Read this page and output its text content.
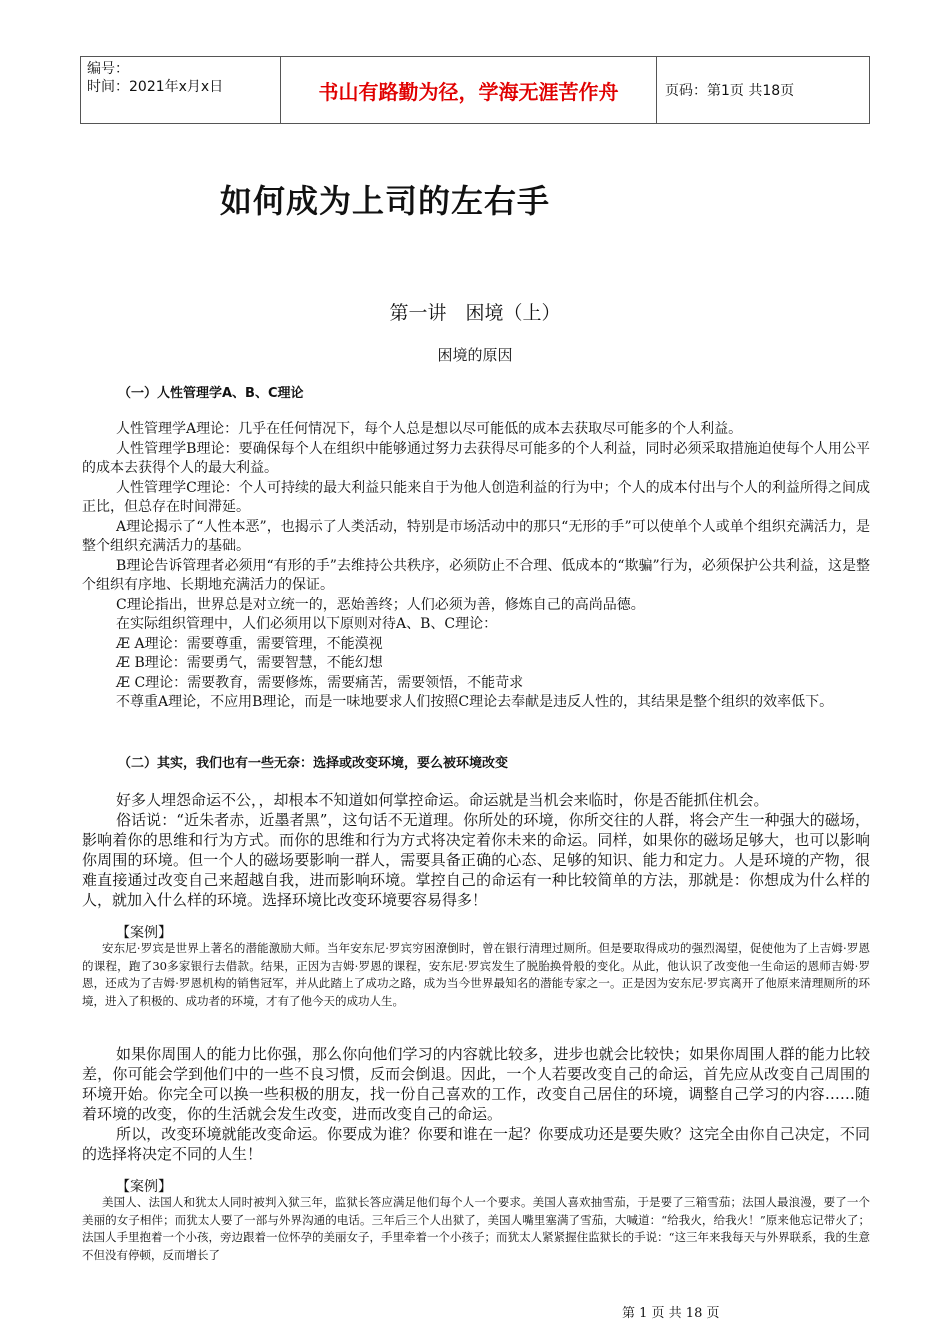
编号：
时间：2021年x月x日	书山有路勤为径，学海无涯苦作舟	页码：第1页 共18页
如何成为上司的左右手
第一讲　困境（上）
困境的原因
（一）人性管理学A、B、C理论

人性管理学A理论：几乎在任何情况下，每个人总是想以尽可能低的成本去获取尽可能多的个人利益。

人性管理学B理论：要确保每个人在组织中能够通过努力去获得尽可能多的个人利益，同时必须采取措施迫使每个人用公平的成本去获得个人的最大利益。

人性管理学C理论：个人可持续的最大利益只能来自于为他人创造利益的行为中；个人的成本付出与个人的利益所得之间成正比，但总存在时间滞延。

A理论揭示了“人性本恶”，也揭示了人类活动，特别是市场活动中的那只“无形的手”可以使单个人或单个组织充满活力，是整个组织充满活力的基础。

B理论告诉管理者必须用“有形的手”去维持公共秩序，必须防止不合理、低成本的“欺骗”行为，必须保护公共利益，这是整个组织有序地、长期地充满活力的保证。

C理论指出，世界总是对立统一的，恶始善终；人们必须为善，修炼自己的高尚品德。

在实际组织管理中，人们必须用以下原则对待A、B、C理论：

Æ A理论：需要尊重，需要管理，不能漠视

Æ B理论：需要勇气，需要智慧，不能幻想

Æ C理论：需要教育，需要修炼，需要痛苦，需要领悟，不能苛求

不尊重A理论，不应用B理论，而是一味地要求人们按照C理论去奉献是违反人性的，其结果是整个组织的效率低下。

（二）其实，我们也有一些无奈：选择或改变环境，要么被环境改变

好多人埋怨命运不公，，却根本不知道如何掌控命运。命运就是当机会来临时，你是否能抓住机会。

俗话说：“近朱者赤，近墨者黑”，这句话不无道理。你所处的环境，你所交往的人群，将会产生一种强大的磁场，影响着你的思维和行为方式。而你的思维和行为方式将决定着你未来的命运。同样，如果你的磁场足够大，也可以影响你周围的环境。但一个人的磁场要影响一群人，需要具备正确的心态、足够的知识、能力和定力。人是环境的产物，很难直接通过改变自己来超越自我，进而影响环境。掌控自己的命运有一种比较简单的方法，那就是：你想成为什么样的人，就加入什么样的环境。选择环境比改变环境要容易得多！

【案例】

安东尼·罗宾是世界上著名的潜能激励大师。当年安东尼·罗宾穷困潦倒时，曾在银行清理过厕所。但是要取得成功的强烈渴望，促使他为了上吉姆·罗恩的课程，跑了30多家银行去借款。结果，正因为吉姆·罗恩的课程，安东尼·罗宾发生了脱胎换骨般的变化。从此，他认识了改变他一生命运的恩师吉姆·罗恩，还成为了吉姆·罗恩机构的销售冠军，并从此踏上了成功之路，成为当今世界最知名的潜能专家之一。正是因为安东尼·罗宾离开了他原来清理厕所的环境，进入了积极的、成功者的环境，才有了他今天的成功人生。

如果你周围人的能力比你强，那么你向他们学习的内容就比较多，进步也就会比较快；如果你周围人群的能力比较差，你可能会学到他们中的一些不良习惯，反而会倒退。因此，一个人若要改变自己的命运，首先应从改变自己周围的环境开始。你完全可以换一些积极的朋友，找一份自己喜欢的工作，改变自己居住的环境，调整自己学习的内容……随着环境的改变，你的生活就会发生改变，进而改变自己的命运。

所以，改变环境就能改变命运。你要成为谁？你要和谁在一起？你要成功还是要失败？这完全由你自己决定，不同的选择将决定不同的人生！

【案例】

美国人、法国人和犹太人同时被判入狱三年，监狱长答应满足他们每个人一个要求。美国人喜欢抽雪茄，于是要了三箱雪茄；法国人最浪漫，要了一个美丽的女子相伴；而犹太人要了一部与外界沟通的电话。三年后三个人出狱了，美国人嘴里塞满了雪茄，大喊道：“给我火，给我火！”原来他忘记带火了；法国人手里抱着一个小孩，旁边跟着一位怀孕的美丽女子，手里牵着一个小孩子；而犹太人紧紧握住监狱长的手说：“这三年来我每天与外界联系，我的生意不但没有停顿，反而增长了

第 1 页 共 18 页
